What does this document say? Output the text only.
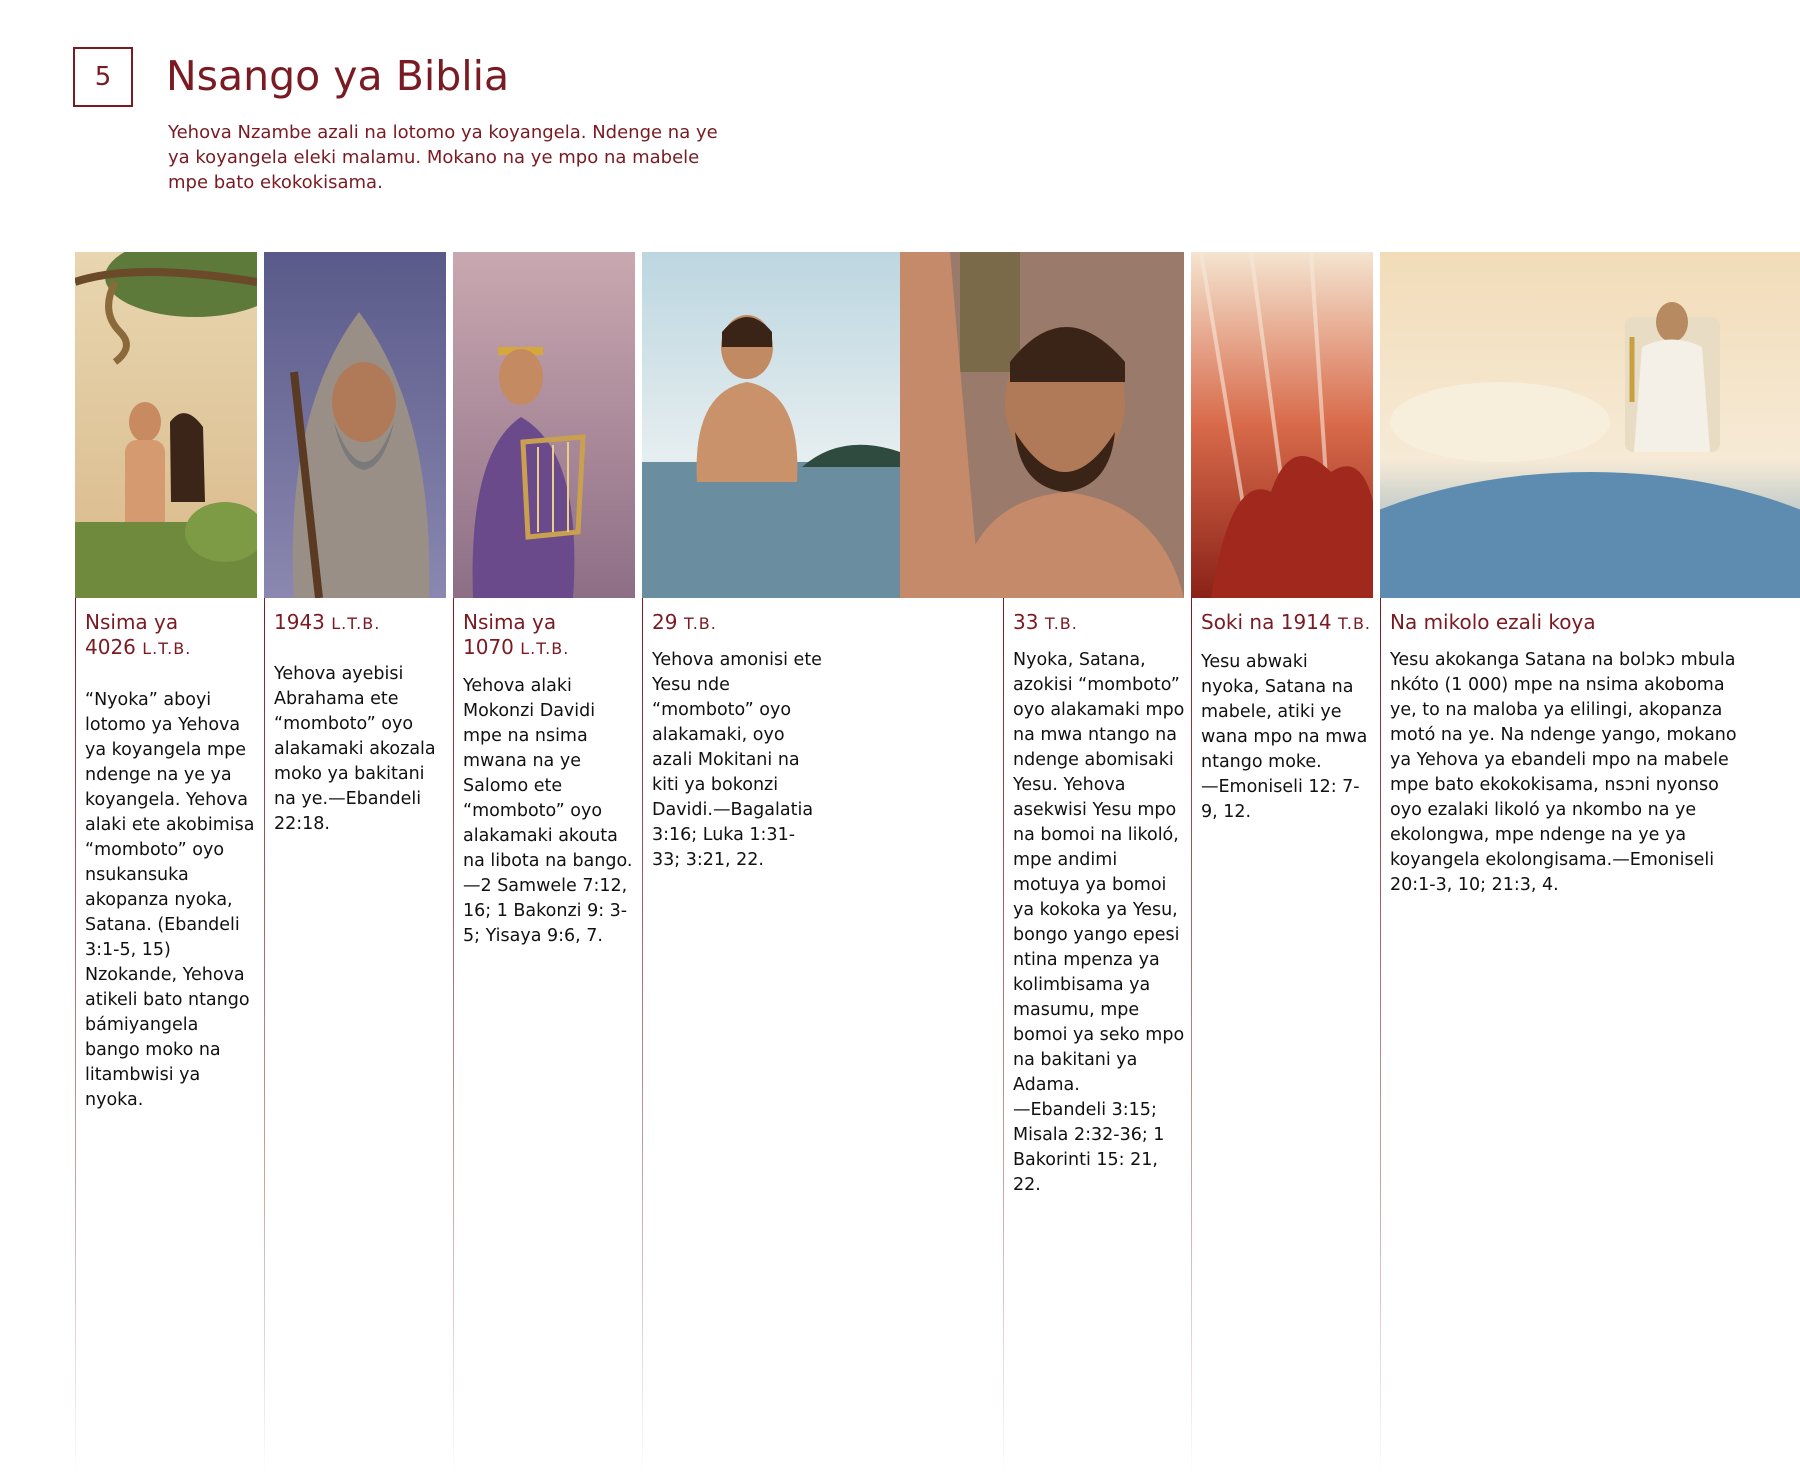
5 Nsango ya Biblia

Yehova Nzambe azali na lotomo ya koyangela. Ndenge na ye ya koyangela eleki malamu. Mokano na ye mpo na mabele mpe bato ekokokisama.

Nsima ya
4026 L.T.B.

“Nyoka” aboyi lotomo ya Yehova ya koyangela mpe ndenge na ye ya koyangela. Yehova alaki ete akobimisa “momboto” oyo nsukansuka akopanza nyoka, Satana. (Ebandeli 3:1-5, 15) Nzokande, Yehova atikeli bato ntango bámiyangela bango moko na litambwisi ya nyoka.

1943 L.T.B.

Yehova ayebisi Abrahama ete “momboto” oyo alakamaki akozala moko ya bakitani na ye.—Ebandeli 22:18.

Nsima ya
1070 L.T.B.

Yehova alaki Mokonzi Davidi mpe na nsima mwana na ye Salomo ete “momboto” oyo alakamaki akouta na libota na bango.
—2 Samwele 7:12, 16; 1 Bakonzi 9: 3-5; Yisaya 9:6, 7.

29 T.B.

Yehova amonisi ete Yesu nde “momboto” oyo alakamaki, oyo azali Mokitani na kiti ya bokonzi Davidi.—Bagalatia 3:16; Luka 1:31-33; 3:21, 22.

33 T.B.

Nyoka, Satana, azokisi “momboto” oyo alakamaki mpo na mwa ntango na ndenge abomisaki Yesu. Yehova asekwisi Yesu mpo na bomoi na likoló, mpe andimi motuya ya bomoi ya kokoka ya Yesu, bongo yango epesi ntina mpenza ya kolimbisama ya masumu, mpe bomoi ya seko mpo na bakitani ya Adama.
—Ebandeli 3:15; Misala 2:32-36; 1 Bakorinti 15: 21, 22.

Soki na 1914 T.B.

Yesu abwaki nyoka, Satana na mabele, atiki ye wana mpo na mwa ntango moke.
—Emoniseli 12: 7-9, 12.

Na mikolo ezali koya

Yesu akokanga Satana na bolɔkɔ mbula nkóto (1 000) mpe na nsima akoboma ye, to na maloba ya elilingi, akopanza motó na ye. Na ndenge yango, mokano ya Yehova ya ebandeli mpo na mabele mpe bato ekokokisama, nsɔni nyonso oyo ezalaki likoló ya nkombo na ye ekolongwa, mpe ndenge na ye ya koyangela ekolongisama.—Emoniseli 20:1-3, 10; 21:3, 4.
